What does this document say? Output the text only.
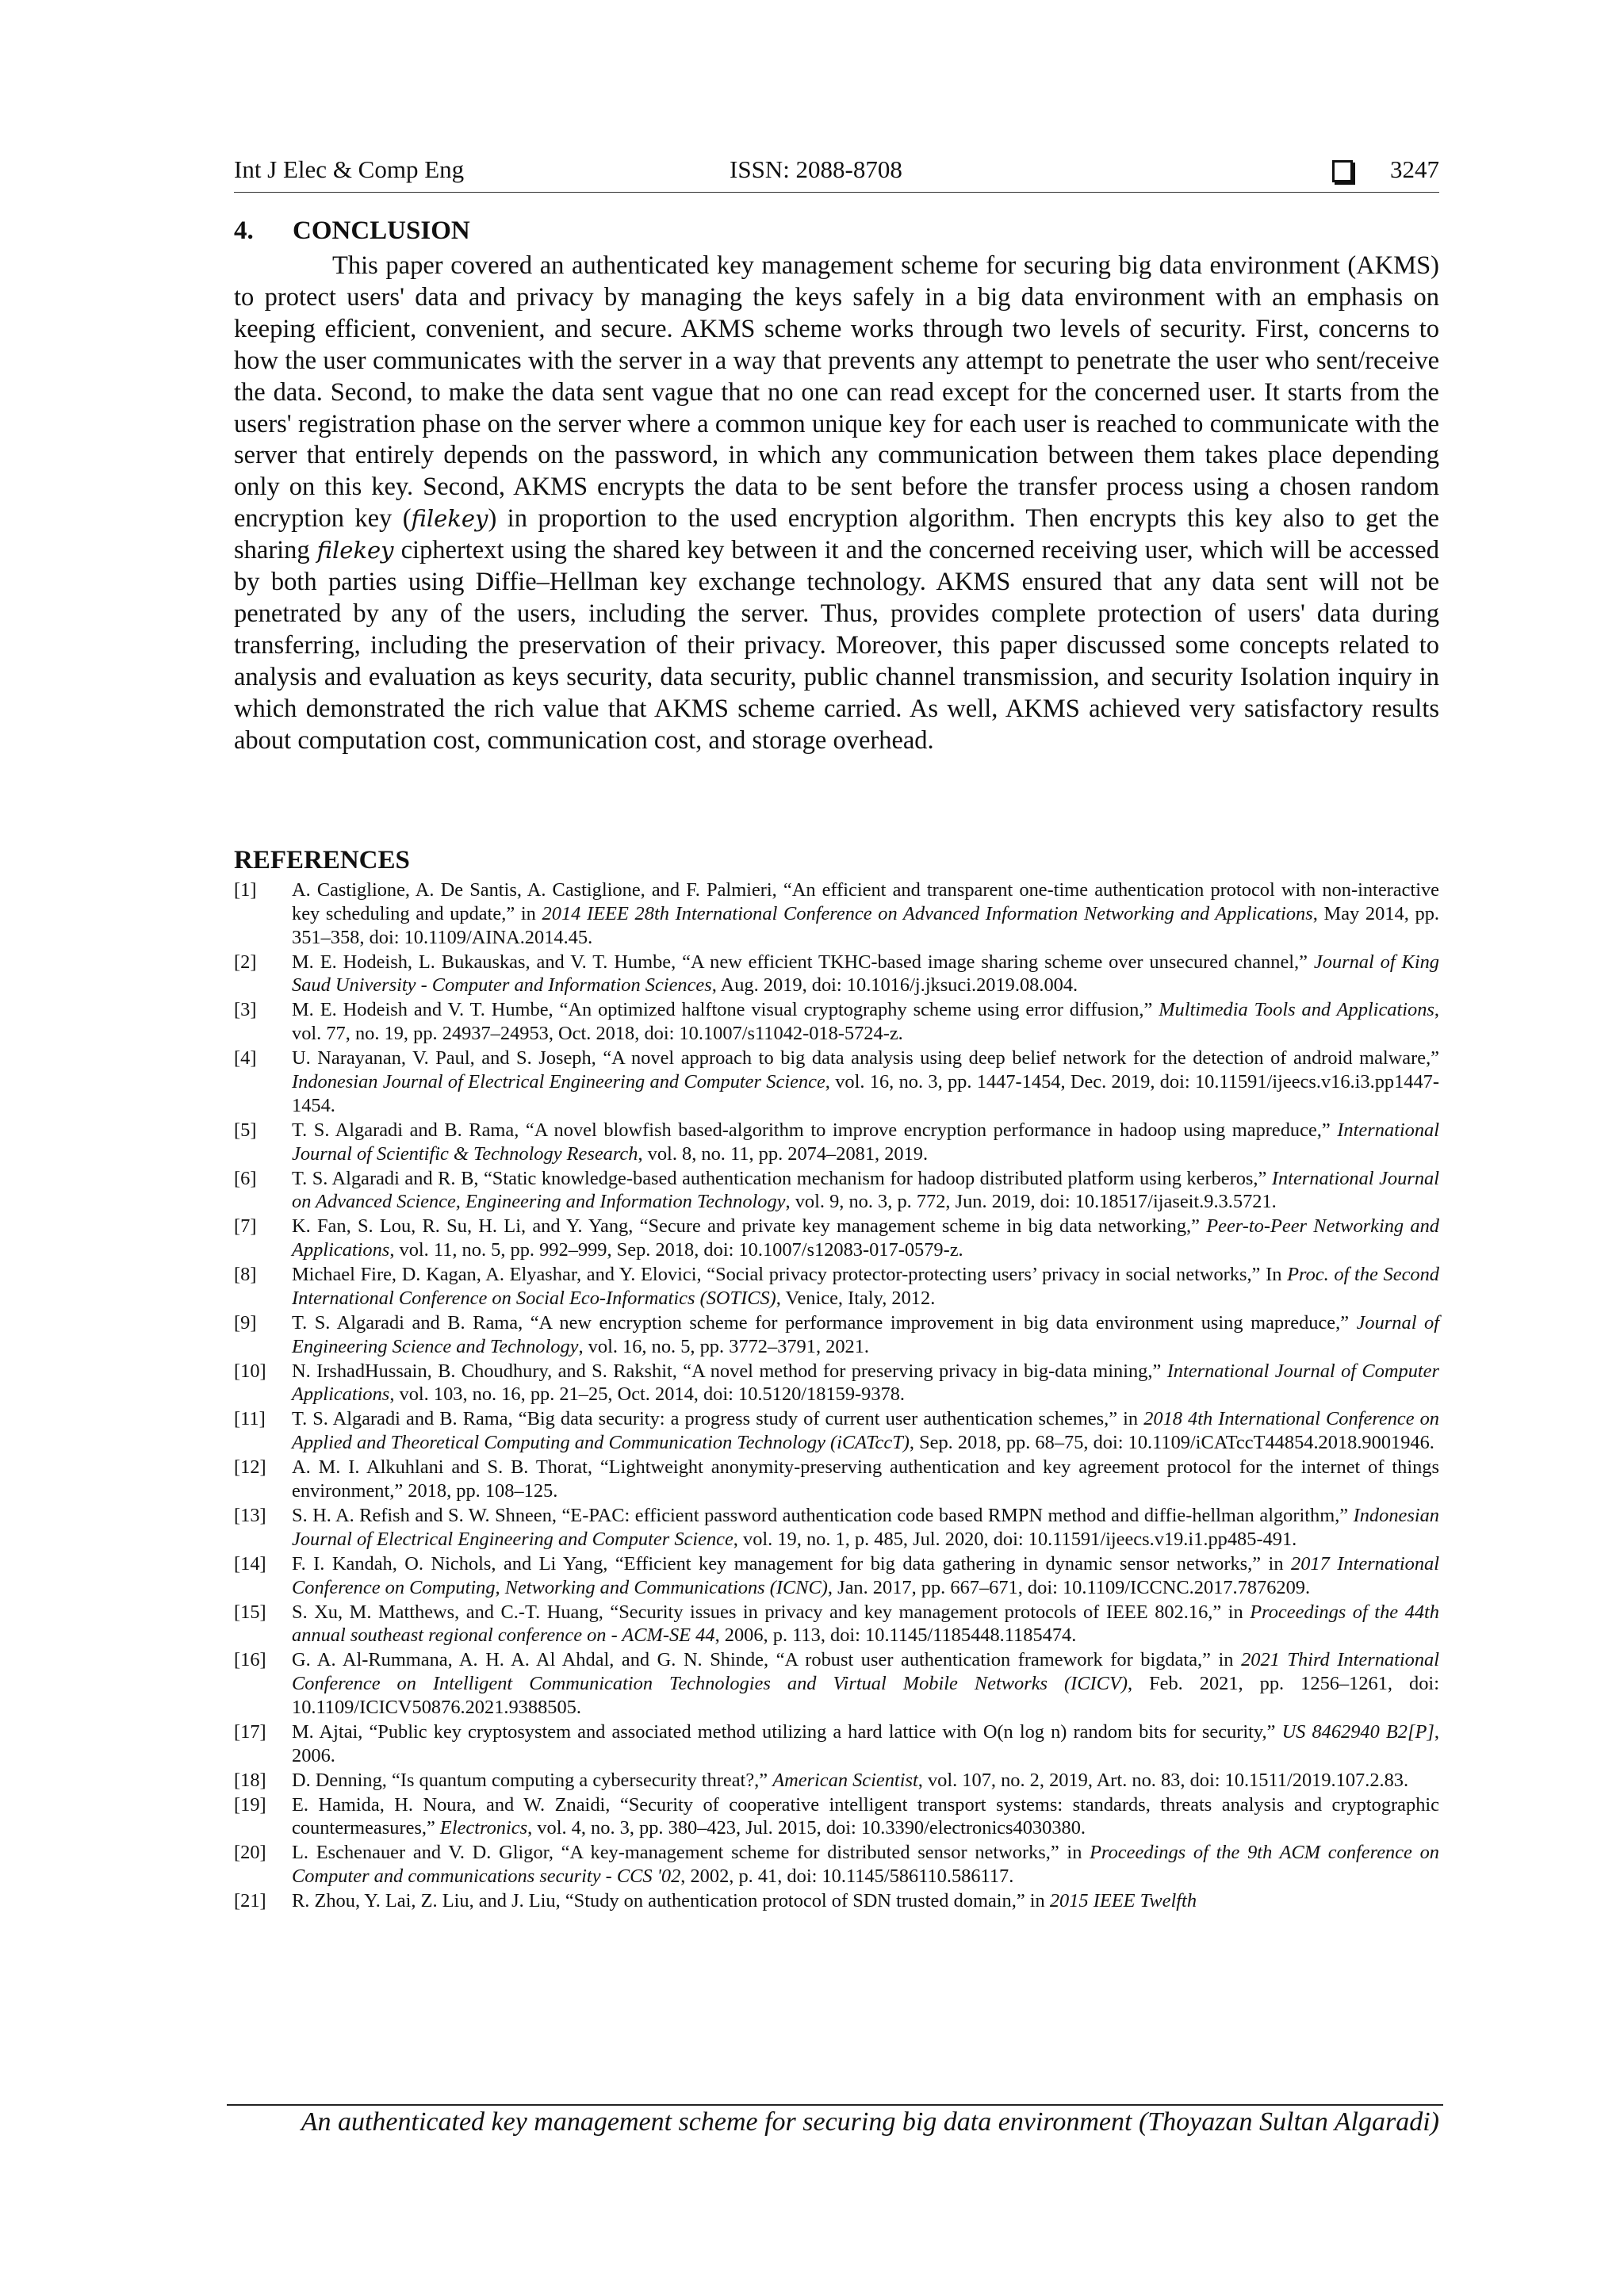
Int J Elec & Comp Eng	ISSN: 2088-8708	3247
4. CONCLUSION

This paper covered an authenticated key management scheme for securing big data environment (AKMS) to protect users' data and privacy by managing the keys safely in a big data environment with an emphasis on keeping efficient, convenient, and secure. AKMS scheme works through two levels of security. First, concerns to how the user communicates with the server in a way that prevents any attempt to penetrate the user who sent/receive the data. Second, to make the data sent vague that no one can read except for the concerned user. It starts from the users' registration phase on the server where a common unique key for each user is reached to communicate with the server that entirely depends on the password, in which any communication between them takes place depending only on this key. Second, AKMS encrypts the data to be sent before the transfer process using a chosen random encryption key (filekey) in proportion to the used encryption algorithm. Then encrypts this key also to get the sharing filekey ciphertext using the shared key between it and the concerned receiving user, which will be accessed by both parties using Diffie–Hellman key exchange technology. AKMS ensured that any data sent will not be penetrated by any of the users, including the server. Thus, provides complete protection of users' data during transferring, including the preservation of their privacy. Moreover, this paper discussed some concepts related to analysis and evaluation as keys security, data security, public channel transmission, and security Isolation inquiry in which demonstrated the rich value that AKMS scheme carried. As well, AKMS achieved very satisfactory results about computation cost, communication cost, and storage overhead.

REFERENCES
[1] A. Castiglione, A. De Santis, A. Castiglione, and F. Palmieri, “An efficient and transparent one-time authentication protocol with non-interactive key scheduling and update,” in 2014 IEEE 28th International Conference on Advanced Information Networking and Applications, May 2014, pp. 351–358, doi: 10.1109/AINA.2014.45.
[2] M. E. Hodeish, L. Bukauskas, and V. T. Humbe, “A new efficient TKHC-based image sharing scheme over unsecured channel,” Journal of King Saud University - Computer and Information Sciences, Aug. 2019, doi: 10.1016/j.jksuci.2019.08.004.
[3] M. E. Hodeish and V. T. Humbe, “An optimized halftone visual cryptography scheme using error diffusion,” Multimedia Tools and Applications, vol. 77, no. 19, pp. 24937–24953, Oct. 2018, doi: 10.1007/s11042-018-5724-z.
[4] U. Narayanan, V. Paul, and S. Joseph, “A novel approach to big data analysis using deep belief network for the detection of android malware,” Indonesian Journal of Electrical Engineering and Computer Science, vol. 16, no. 3, pp. 1447-1454, Dec. 2019, doi: 10.11591/ijeecs.v16.i3.pp1447-1454.
[5] T. S. Algaradi and B. Rama, “A novel blowfish based-algorithm to improve encryption performance in hadoop using mapreduce,” International Journal of Scientific & Technology Research, vol. 8, no. 11, pp. 2074–2081, 2019.
[6] T. S. Algaradi and R. B, “Static knowledge-based authentication mechanism for hadoop distributed platform using kerberos,” International Journal on Advanced Science, Engineering and Information Technology, vol. 9, no. 3, p. 772, Jun. 2019, doi: 10.18517/ijaseit.9.3.5721.
[7] K. Fan, S. Lou, R. Su, H. Li, and Y. Yang, “Secure and private key management scheme in big data networking,” Peer-to-Peer Networking and Applications, vol. 11, no. 5, pp. 992–999, Sep. 2018, doi: 10.1007/s12083-017-0579-z.
[8] Michael Fire, D. Kagan, A. Elyashar, and Y. Elovici, “Social privacy protector-protecting users’ privacy in social networks,” In Proc. of the Second International Conference on Social Eco-Informatics (SOTICS), Venice, Italy, 2012.
[9] T. S. Algaradi and B. Rama, “A new encryption scheme for performance improvement in big data environment using mapreduce,” Journal of Engineering Science and Technology, vol. 16, no. 5, pp. 3772–3791, 2021.
[10] N. IrshadHussain, B. Choudhury, and S. Rakshit, “A novel method for preserving privacy in big-data mining,” International Journal of Computer Applications, vol. 103, no. 16, pp. 21–25, Oct. 2014, doi: 10.5120/18159-9378.
[11] T. S. Algaradi and B. Rama, “Big data security: a progress study of current user authentication schemes,” in 2018 4th International Conference on Applied and Theoretical Computing and Communication Technology (iCATccT), Sep. 2018, pp. 68–75, doi: 10.1109/iCATccT44854.2018.9001946.
[12] A. M. I. Alkuhlani and S. B. Thorat, “Lightweight anonymity-preserving authentication and key agreement protocol for the internet of things environment,” 2018, pp. 108–125.
[13] S. H. A. Refish and S. W. Shneen, “E-PAC: efficient password authentication code based RMPN method and diffie-hellman algorithm,” Indonesian Journal of Electrical Engineering and Computer Science, vol. 19, no. 1, p. 485, Jul. 2020, doi: 10.11591/ijeecs.v19.i1.pp485-491.
[14] F. I. Kandah, O. Nichols, and Li Yang, “Efficient key management for big data gathering in dynamic sensor networks,” in 2017 International Conference on Computing, Networking and Communications (ICNC), Jan. 2017, pp. 667–671, doi: 10.1109/ICCNC.2017.7876209.
[15] S. Xu, M. Matthews, and C.-T. Huang, “Security issues in privacy and key management protocols of IEEE 802.16,” in Proceedings of the 44th annual southeast regional conference on - ACM-SE 44, 2006, p. 113, doi: 10.1145/1185448.1185474.
[16] G. A. Al-Rummana, A. H. A. Al Ahdal, and G. N. Shinde, “A robust user authentication framework for bigdata,” in 2021 Third International Conference on Intelligent Communication Technologies and Virtual Mobile Networks (ICICV), Feb. 2021, pp. 1256–1261, doi: 10.1109/ICICV50876.2021.9388505.
[17] M. Ajtai, “Public key cryptosystem and associated method utilizing a hard lattice with O(n log n) random bits for security,” US 8462940 B2[P], 2006.
[18] D. Denning, “Is quantum computing a cybersecurity threat?,” American Scientist, vol. 107, no. 2, 2019, Art. no. 83, doi: 10.1511/2019.107.2.83.
[19] E. Hamida, H. Noura, and W. Znaidi, “Security of cooperative intelligent transport systems: standards, threats analysis and cryptographic countermeasures,” Electronics, vol. 4, no. 3, pp. 380–423, Jul. 2015, doi: 10.3390/electronics4030380.
[20] L. Eschenauer and V. D. Gligor, “A key-management scheme for distributed sensor networks,” in Proceedings of the 9th ACM conference on Computer and communications security - CCS '02, 2002, p. 41, doi: 10.1145/586110.586117.
[21] R. Zhou, Y. Lai, Z. Liu, and J. Liu, “Study on authentication protocol of SDN trusted domain,” in 2015 IEEE Twelfth
An authenticated key management scheme for securing big data environment (Thoyazan Sultan Algaradi)
